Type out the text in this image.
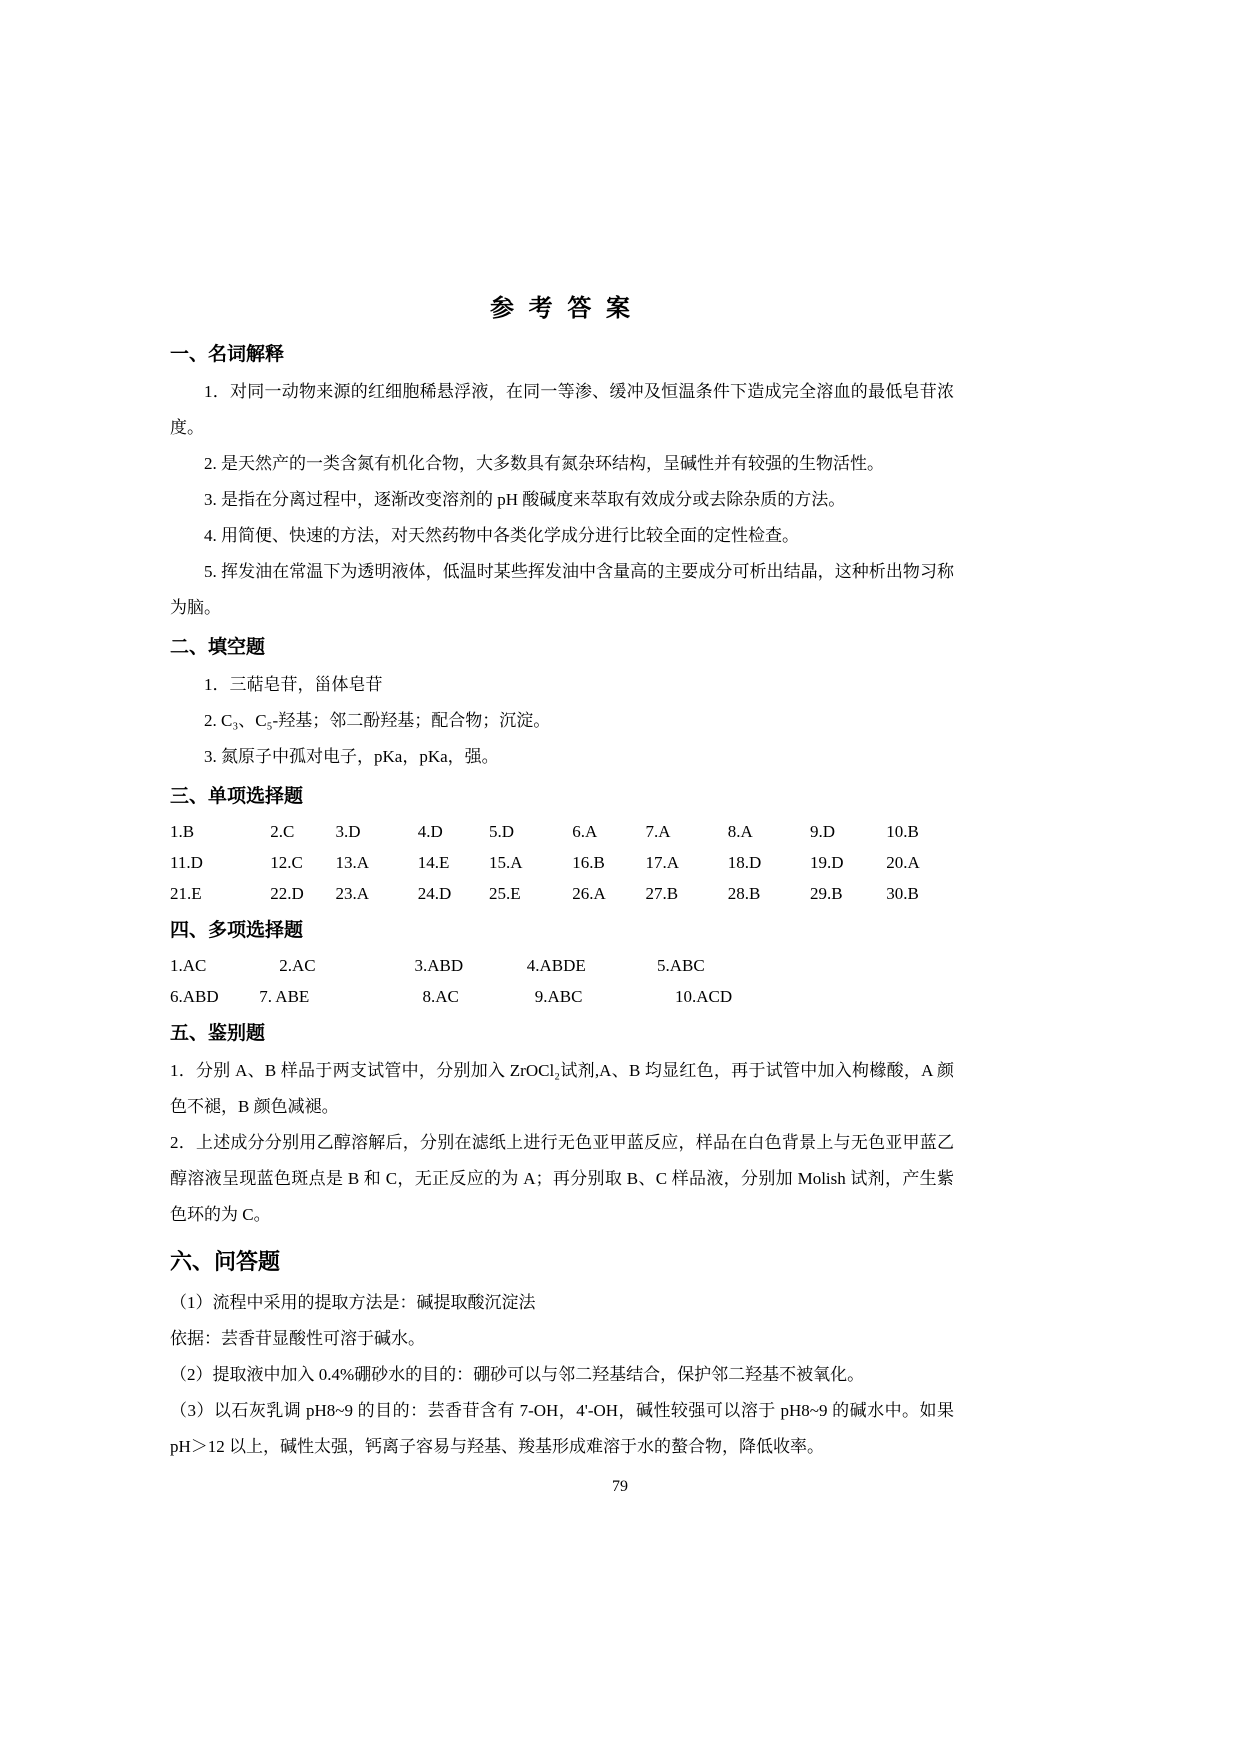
参 考 答 案
一、名词解释

1．对同一动物来源的红细胞稀悬浮液，在同一等渗、缓冲及恒温条件下造成完全溶血的最低皂苷浓度。

2. 是天然产的一类含氮有机化合物，大多数具有氮杂环结构，呈碱性并有较强的生物活性。

3. 是指在分离过程中，逐渐改变溶剂的 pH 酸碱度来萃取有效成分或去除杂质的方法。

4. 用简便、快速的方法，对天然药物中各类化学成分进行比较全面的定性检查。

5. 挥发油在常温下为透明液体，低温时某些挥发油中含量高的主要成分可析出结晶，这种析出物习称为脑。

二、填空题

1．三萜皂苷，甾体皂苷

2. C₃、C₅-羟基；邻二酚羟基；配合物；沉淀。

3. 氮原子中孤对电子，pKa，pKa，强。

三、单项选择题
1.B	2.C 3.D	4.D	5.D	6.A	7.A	8.A	9.D	10.B
11.D	12.C 13.A	14.E 15.A	16.B 17.A	18.D	19.D	20.A
21.E	22.D 23.A	24.D 25.E	26.A 27.B	28.B	29.B	30.B
四、多项选择题
1.AC	2.AC	3.ABD	4.ABDE	5.ABC
6.ABD 7. ABE	8.AC	9.ABC	10.ACD
五、鉴别题

1．分别 A、B 样品于两支试管中，分别加入 ZrOCl₂试剂,A、B 均显红色，再于试管中加入枸橼酸，A 颜色不褪，B 颜色减褪。

2．上述成分分别用乙醇溶解后，分别在滤纸上进行无色亚甲蓝反应，样品在白色背景上与无色亚甲蓝乙醇溶液呈现蓝色斑点是 B 和 C，无正反应的为 A；再分别取 B、C 样品液，分别加 Molish 试剂，产生紫色环的为 C。

六、问答题

（1）流程中采用的提取方法是：碱提取酸沉淀法

依据：芸香苷显酸性可溶于碱水。

（2）提取液中加入 0.4%硼砂水的目的：硼砂可以与邻二羟基结合，保护邻二羟基不被氧化。

（3）以石灰乳调 pH8~9 的目的：芸香苷含有 7-OH，4'-OH，碱性较强可以溶于 pH8~9 的碱水中。如果 pH＞12 以上，碱性太强，钙离子容易与羟基、羧基形成难溶于水的螯合物，降低收率。

79
